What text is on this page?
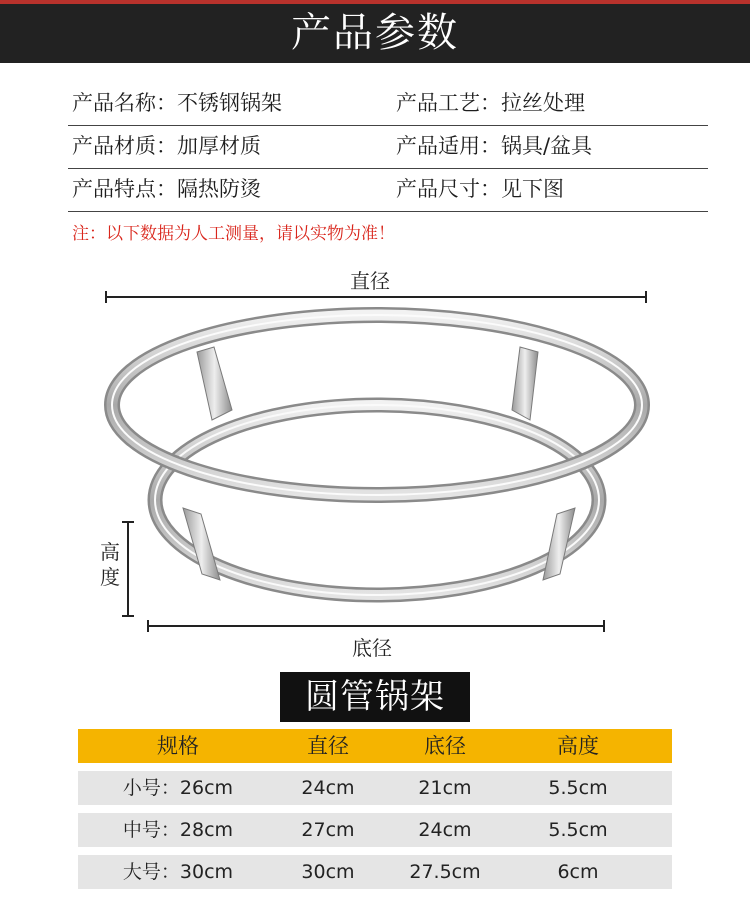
产品参数
产品名称：不锈钢锅架	产品工艺：拉丝处理
产品材质：加厚材质	产品适用：锅具/盆具
产品特点：隔热防烫	产品尺寸：见下图
注：以下数据为人工测量，请以实物为准！
直径
高度
底径
圆管锅架
规格	直径	底径	高度
小号：26cm	24cm	21cm	5.5cm
中号：28cm	27cm	24cm	5.5cm
大号：30cm	30cm	27.5cm	6cm
